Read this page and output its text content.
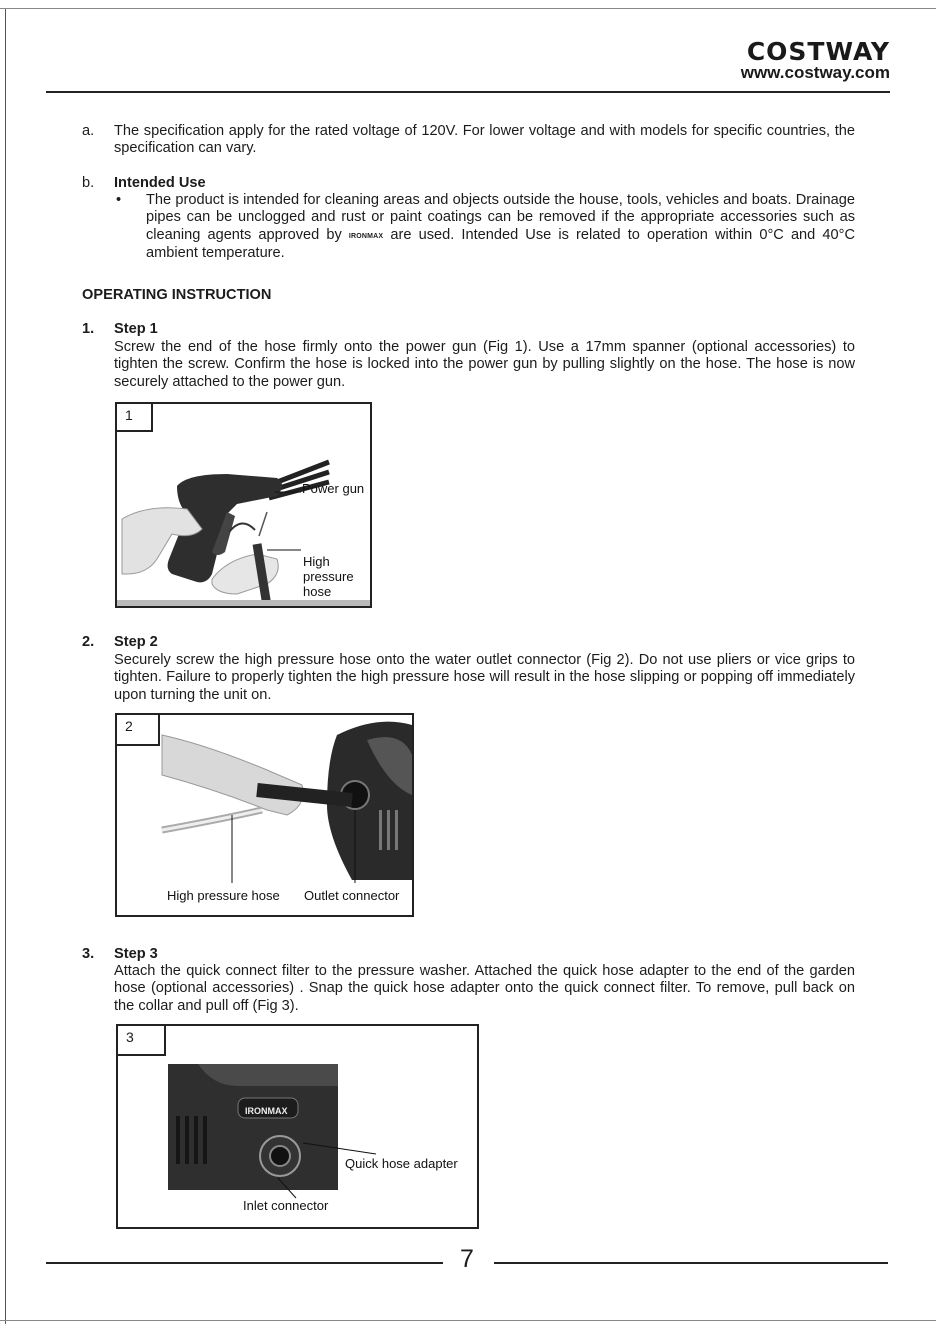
COSTWAY
www.costway.com
a. The specification apply for the rated voltage of 120V. For lower voltage and with models for specific countries, the specification can vary.
b. Intended Use
• The product is intended for cleaning areas and objects outside the house, tools, vehicles and boats. Drainage pipes can be unclogged and rust or paint coatings can be removed if the appropriate accessories such as cleaning agents approved by IRONMAX are used. Intended Use is related to operation within 0°C and 40°C ambient temperature.
OPERATING INSTRUCTION
1. Step 1
Screw the end of the hose firmly onto the power gun (Fig 1). Use a 17mm spanner (optional accessories) to tighten the screw. Confirm the hose is locked into the power gun by pulling slightly on the hose. The hose is now securely attached to the power gun.
1
Power gun
High pressure hose
2. Step 2
Securely screw the high pressure hose onto the water outlet connector (Fig 2). Do not use pliers or vice grips to tighten. Failure to properly tighten the high pressure hose will result in the hose slipping or popping off immediately upon turning the unit on.
2
High pressure hose Outlet connector
3. Step 3
Attach the quick connect filter to the pressure washer. Attached the quick hose adapter to the end of the garden hose (optional accessories) . Snap the quick hose adapter onto the quick connect filter. To remove, pull back on the collar and pull off (Fig 3).
3
IRONMAX
Quick hose adapter
Inlet connector
7
